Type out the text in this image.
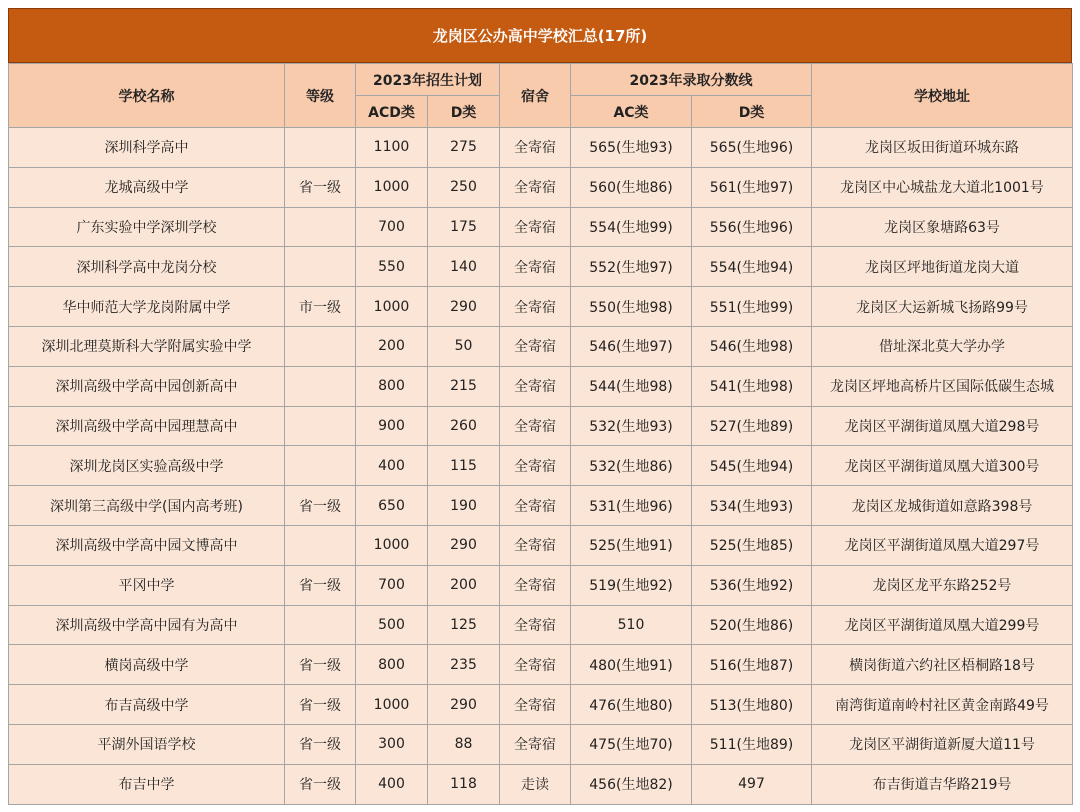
龙岗区公办高中学校汇总(17所)
学校名称	等级	2023年招生计划		宿舍	2023年录取分数线		学校地址
		ACD类	D类		AC类	D类	
深圳科学高中		1100	275	全寄宿	565(生地93)	565(生地96)	龙岗区坂田街道环城东路
龙城高级中学	省一级	1000	250	全寄宿	560(生地86)	561(生地97)	龙岗区中心城盐龙大道北1001号
广东实验中学深圳学校		700	175	全寄宿	554(生地99)	556(生地96)	龙岗区象塘路63号
深圳科学高中龙岗分校		550	140	全寄宿	552(生地97)	554(生地94)	龙岗区坪地街道龙岗大道
华中师范大学龙岗附属中学	市一级	1000	290	全寄宿	550(生地98)	551(生地99)	龙岗区大运新城飞扬路99号
深圳北理莫斯科大学附属实验中学		200	50	全寄宿	546(生地97)	546(生地98)	借址深北莫大学办学
深圳高级中学高中园创新高中		800	215	全寄宿	544(生地98)	541(生地98)	龙岗区坪地高桥片区国际低碳生态城
深圳高级中学高中园理慧高中		900	260	全寄宿	532(生地93)	527(生地89)	龙岗区平湖街道凤凰大道298号
深圳龙岗区实验高级中学		400	115	全寄宿	532(生地86)	545(生地94)	龙岗区平湖街道凤凰大道300号
深圳第三高级中学(国内高考班)	省一级	650	190	全寄宿	531(生地96)	534(生地93)	龙岗区龙城街道如意路398号
深圳高级中学高中园文博高中		1000	290	全寄宿	525(生地91)	525(生地85)	龙岗区平湖街道凤凰大道297号
平冈中学	省一级	700	200	全寄宿	519(生地92)	536(生地92)	龙岗区龙平东路252号
深圳高级中学高中园有为高中		500	125	全寄宿	510	520(生地86)	龙岗区平湖街道凤凰大道299号
横岗高级中学	省一级	800	235	全寄宿	480(生地91)	516(生地87)	横岗街道六约社区梧桐路18号
布吉高级中学	省一级	1000	290	全寄宿	476(生地80)	513(生地80)	南湾街道南岭村社区黄金南路49号
平湖外国语学校	省一级	300	88	全寄宿	475(生地70)	511(生地89)	龙岗区平湖街道新厦大道11号
布吉中学	省一级	400	118	走读	456(生地82)	497	布吉街道吉华路219号
